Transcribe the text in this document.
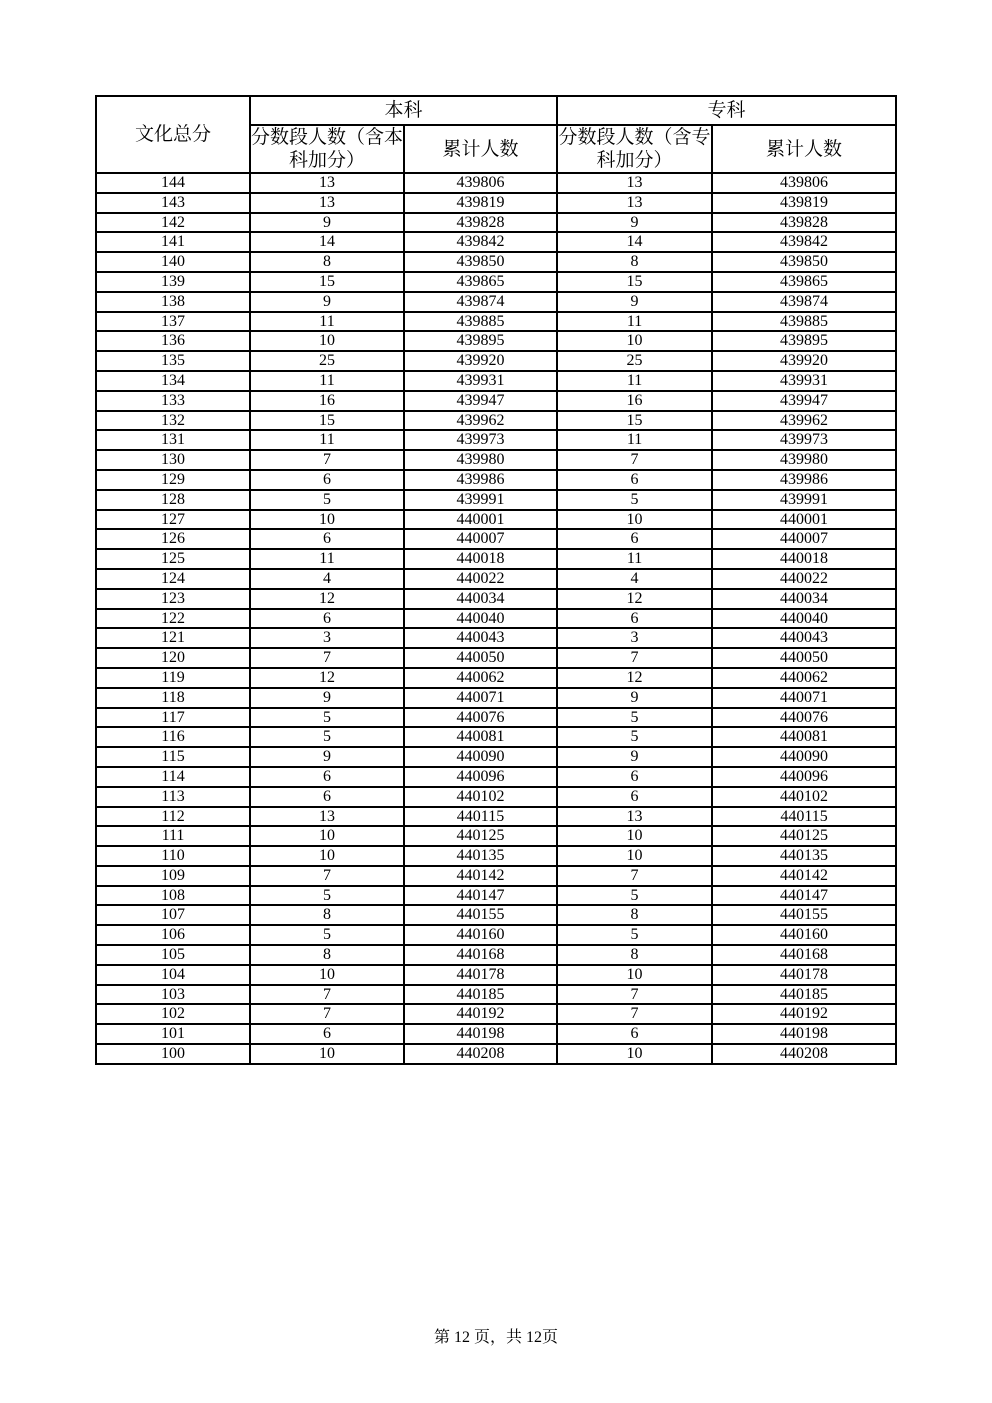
文化总分	本科		专科	
	分数段人数（含本科加分）	累计人数	分数段人数（含专科加分）	累计人数
144	13	439806	13	439806
143	13	439819	13	439819
142	9	439828	9	439828
141	14	439842	14	439842
140	8	439850	8	439850
139	15	439865	15	439865
138	9	439874	9	439874
137	11	439885	11	439885
136	10	439895	10	439895
135	25	439920	25	439920
134	11	439931	11	439931
133	16	439947	16	439947
132	15	439962	15	439962
131	11	439973	11	439973
130	7	439980	7	439980
129	6	439986	6	439986
128	5	439991	5	439991
127	10	440001	10	440001
126	6	440007	6	440007
125	11	440018	11	440018
124	4	440022	4	440022
123	12	440034	12	440034
122	6	440040	6	440040
121	3	440043	3	440043
120	7	440050	7	440050
119	12	440062	12	440062
118	9	440071	9	440071
117	5	440076	5	440076
116	5	440081	5	440081
115	9	440090	9	440090
114	6	440096	6	440096
113	6	440102	6	440102
112	13	440115	13	440115
111	10	440125	10	440125
110	10	440135	10	440135
109	7	440142	7	440142
108	5	440147	5	440147
107	8	440155	8	440155
106	5	440160	5	440160
105	8	440168	8	440168
104	10	440178	10	440178
103	7	440185	7	440185
102	7	440192	7	440192
101	6	440198	6	440198
100	10	440208	10	440208
第 12 页，共 12页
